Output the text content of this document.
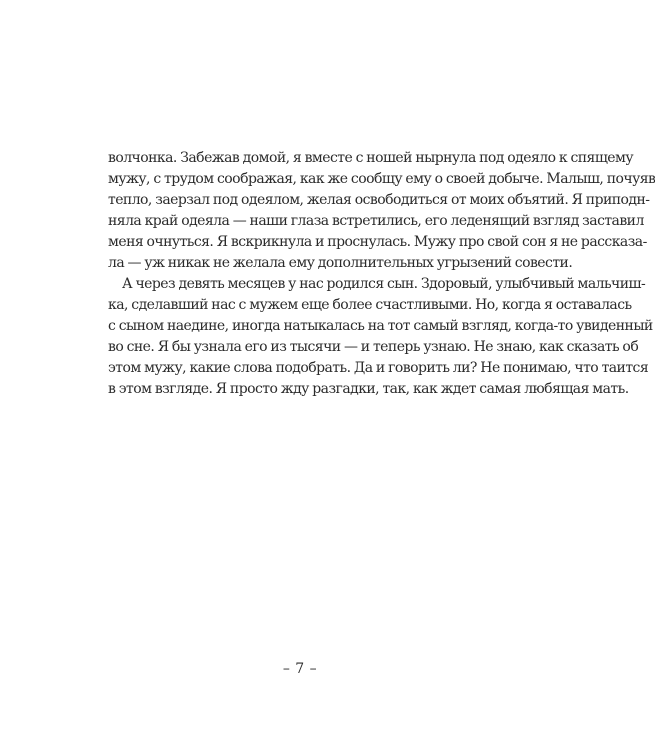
волчонка. Забежав домой, я вместе с ношей нырнула под одеяло к спящему
мужу, с трудом соображая, как же сообщу ему о своей добыче. Малыш, почуяв
тепло, заерзал под одеялом, желая освободиться от моих объятий. Я приподн-
няла край одеяла — наши глаза встретились, его леденящий взгляд заставил
меня очнуться. Я вскрикнула и проснулась. Мужу про свой сон я не рассказа-
ла — уж никак не желала ему дополнительных угрызений совести.
А через девять месяцев у нас родился сын. Здоровый, улыбчивый мальчиш-
ка, сделавший нас с мужем еще более счастливыми. Но, когда я оставалась
с сыном наедине, иногда натыкалась на тот самый взгляд, когда-то увиденный
во сне. Я бы узнала его из тысячи — и теперь узнаю. Не знаю, как сказать об
этом мужу, какие слова подобрать. Да и говорить ли? Не понимаю, что таится
в этом взгляде. Я просто жду разгадки, так, как ждет самая любящая мать.
– 7 –
